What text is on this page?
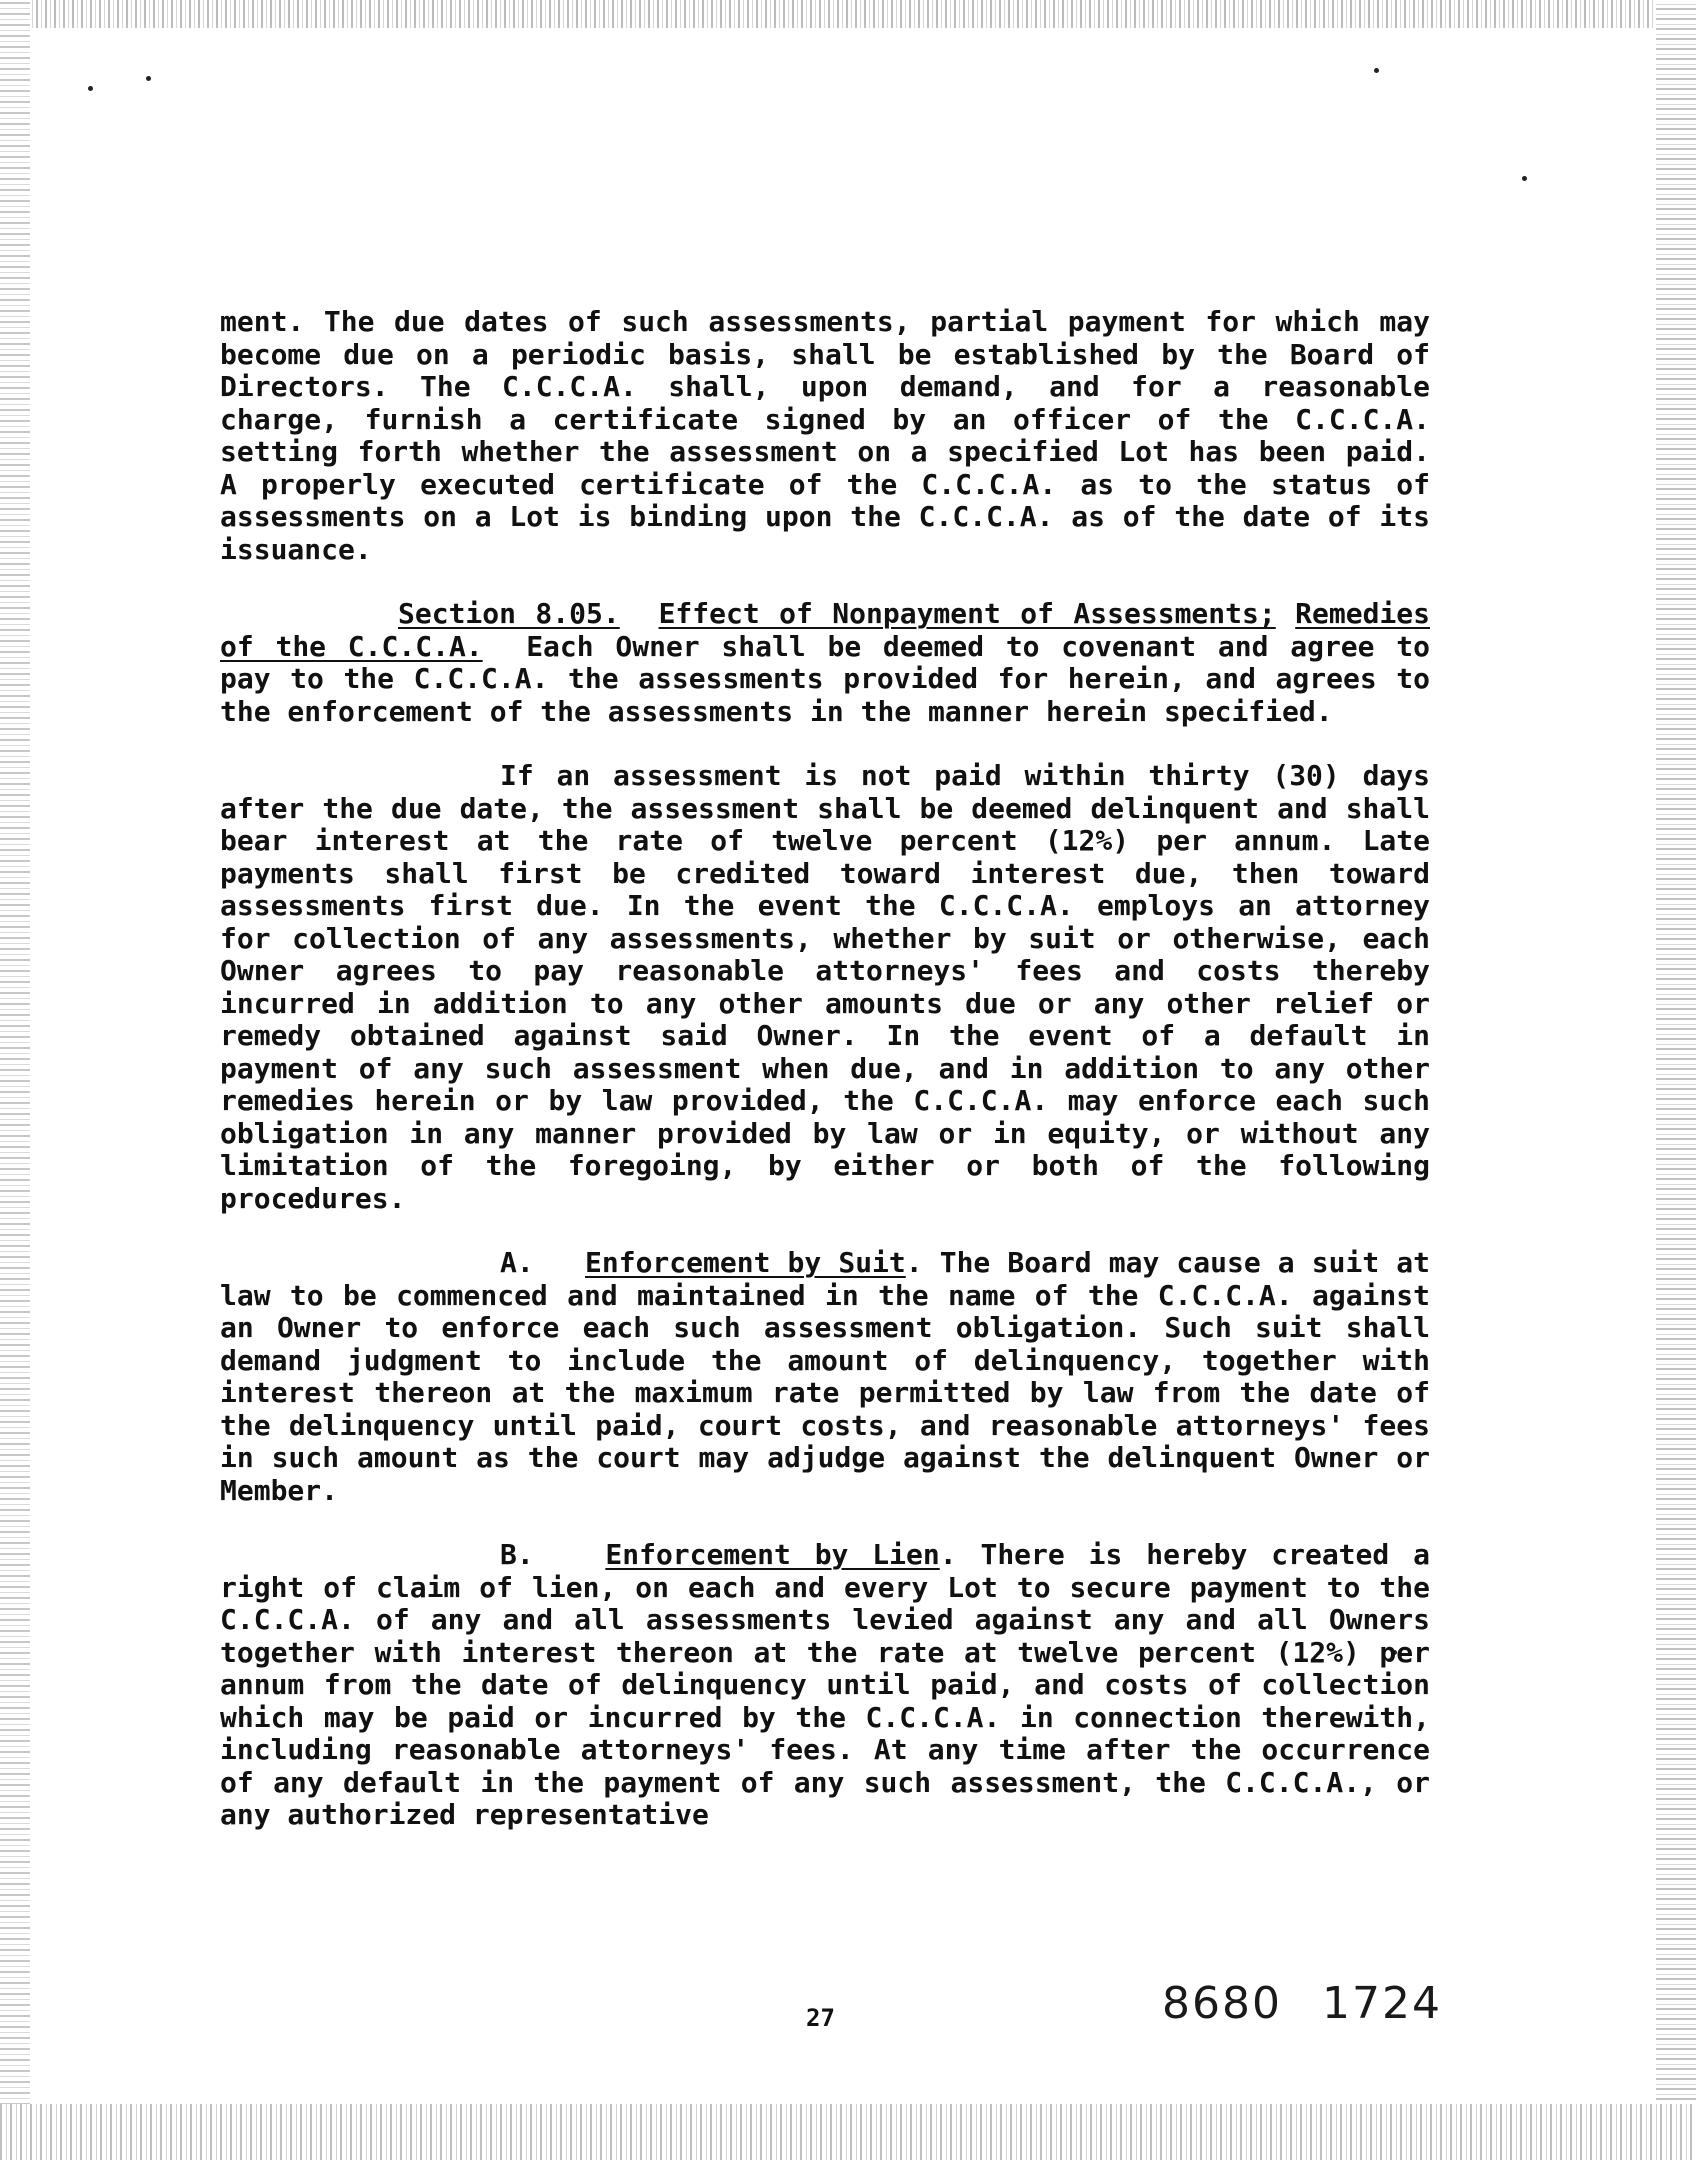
ment. The due dates of such assessments, partial payment for which may become due on a periodic basis, shall be established by the Board of Directors. The C.C.C.A. shall, upon demand, and for a reasonable charge, furnish a certificate signed by an officer of the C.C.C.A. setting forth whether the assessment on a specified Lot has been paid. A properly executed certificate of the C.C.C.A. as to the status of assessments on a Lot is binding upon the C.C.C.A. as of the date of its issuance.

Section 8.05. Effect of Nonpayment of Assessments; Remedies of the C.C.C.A. Each Owner shall be deemed to covenant and agree to pay to the C.C.C.A. the assessments provided for herein, and agrees to the enforcement of the assessments in the manner herein specified.

If an assessment is not paid within thirty (30) days after the due date, the assessment shall be deemed delinquent and shall bear interest at the rate of twelve percent (12%) per annum. Late payments shall first be credited toward interest due, then toward assessments first due. In the event the C.C.C.A. employs an attorney for collection of any assessments, whether by suit or otherwise, each Owner agrees to pay reasonable attorneys' fees and costs thereby incurred in addition to any other amounts due or any other relief or remedy obtained against said Owner. In the event of a default in payment of any such assessment when due, and in addition to any other remedies herein or by law provided, the C.C.C.A. may enforce each such obligation in any manner provided by law or in equity, or without any limitation of the foregoing, by either or both of the following procedures.

A. Enforcement by Suit. The Board may cause a suit at law to be commenced and maintained in the name of the C.C.C.A. against an Owner to enforce each such assessment obligation. Such suit shall demand judgment to include the amount of delinquency, together with interest thereon at the maximum rate permitted by law from the date of the delinquency until paid, court costs, and reasonable attorneys' fees in such amount as the court may adjudge against the delinquent Owner or Member.

B.	Enforcement by Lien. There is hereby created a right of claim of lien, on each and every Lot to secure payment to the C.C.C.A. of any and all assessments levied against any and all Owners together with interest thereon at the rate at twelve percent (12%) per annum from the date of delinquency until paid, and costs of collection which may be paid or incurred by the C.C.C.A. in connection therewith, including reasonable attorneys' fees. At any time after the occurrence of any default in the payment of any such assessment, the C.C.C.A., or any authorized representative

27	8680 1724
